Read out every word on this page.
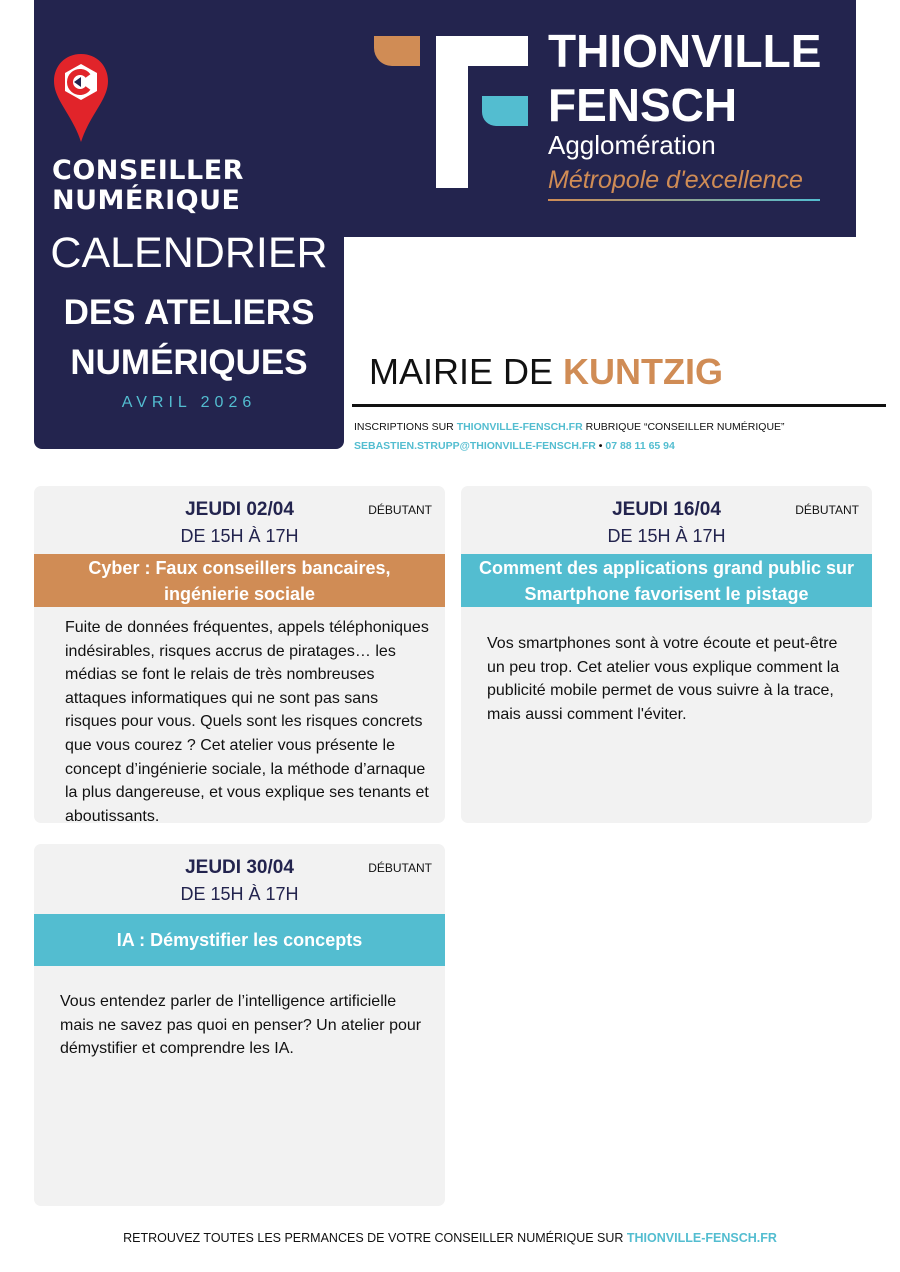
CONSEILLER
NUMÉRIQUE
CALENDRIER
DES ATELIERS
NUMÉRIQUES
AVRIL 2026
THIONVILLE
FENSCH
Agglomération
Métropole d'excellence
MAIRIE DE KUNTZIG
INSCRIPTIONS SUR THIONVILLE-FENSCH.FR RUBRIQUE “CONSEILLER NUMÉRIQUE”
SEBASTIEN.STRUPP@THIONVILLE-FENSCH.FR • 07 88 11 65 94
JEUDI 02/04
DE 15H À 17H
DÉBUTANT
Cyber : Faux conseillers bancaires, ingénierie sociale
Fuite de données fréquentes, appels téléphoniques indésirables, risques accrus de piratages… les médias se font le relais de très nombreuses attaques informatiques qui ne sont pas sans risques pour vous. Quels sont les risques concrets que vous courez ? Cet atelier vous présente le concept d’ingénierie sociale, la méthode d’arnaque la plus dangereuse, et vous explique ses tenants et aboutissants.
JEUDI 16/04
DE 15H À 17H
DÉBUTANT
Comment des applications grand public sur Smartphone favorisent le pistage
Vos smartphones sont à votre écoute et peut-être un peu trop. Cet atelier vous explique comment la publicité mobile permet de vous suivre à la trace, mais aussi comment l'éviter.
JEUDI 30/04
DE 15H À 17H
DÉBUTANT
IA : Démystifier les concepts
Vous entendez parler de l’intelligence artificielle mais ne savez pas quoi en penser? Un atelier pour démystifier et comprendre les IA.
RETROUVEZ TOUTES LES PERMANCES DE VOTRE CONSEILLER NUMÉRIQUE SUR THIONVILLE-FENSCH.FR
